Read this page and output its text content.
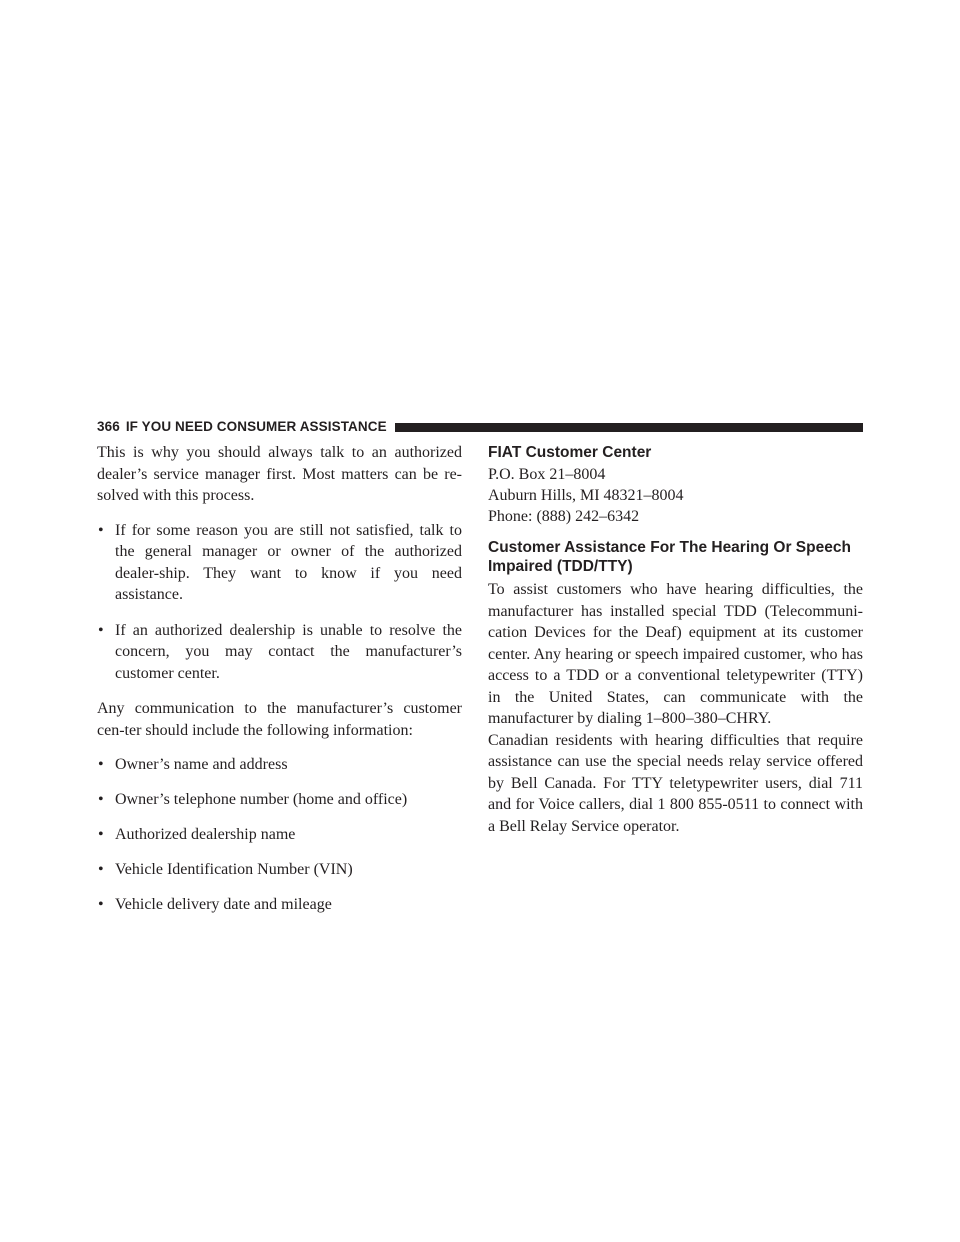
366 IF YOU NEED CONSUMER ASSISTANCE

This is why you should always talk to an authorized dealer’s service manager first. Most matters can be re-solved with this process.

• If for some reason you are still not satisfied, talk to the general manager or owner of the authorized dealer-ship. They want to know if you need assistance.
• If an authorized dealership is unable to resolve the concern, you may contact the manufacturer’s customer center.

Any communication to the manufacturer’s customer cen-ter should include the following information:

• Owner’s name and address
• Owner’s telephone number (home and office)
• Authorized dealership name
• Vehicle Identification Number (VIN)
• Vehicle delivery date and mileage
FIAT Customer Center

P.O. Box 21–8004

Auburn Hills, MI 48321–8004

Phone: (888) 242–6342

Customer Assistance For The Hearing Or Speech
Impaired (TDD/TTY)

To assist customers who have hearing difficulties, the manufacturer has installed special TDD (Telecommuni-cation Devices for the Deaf) equipment at its customer center. Any hearing or speech impaired customer, who has access to a TDD or a conventional teletypewriter (TTY) in the United States, can communicate with the manufacturer by dialing 1–800–380–CHRY.

Canadian residents with hearing difficulties that require assistance can use the special needs relay service offered by Bell Canada. For TTY teletypewriter users, dial 711 and for Voice callers, dial 1 800 855-0511 to connect with a Bell Relay Service operator.
